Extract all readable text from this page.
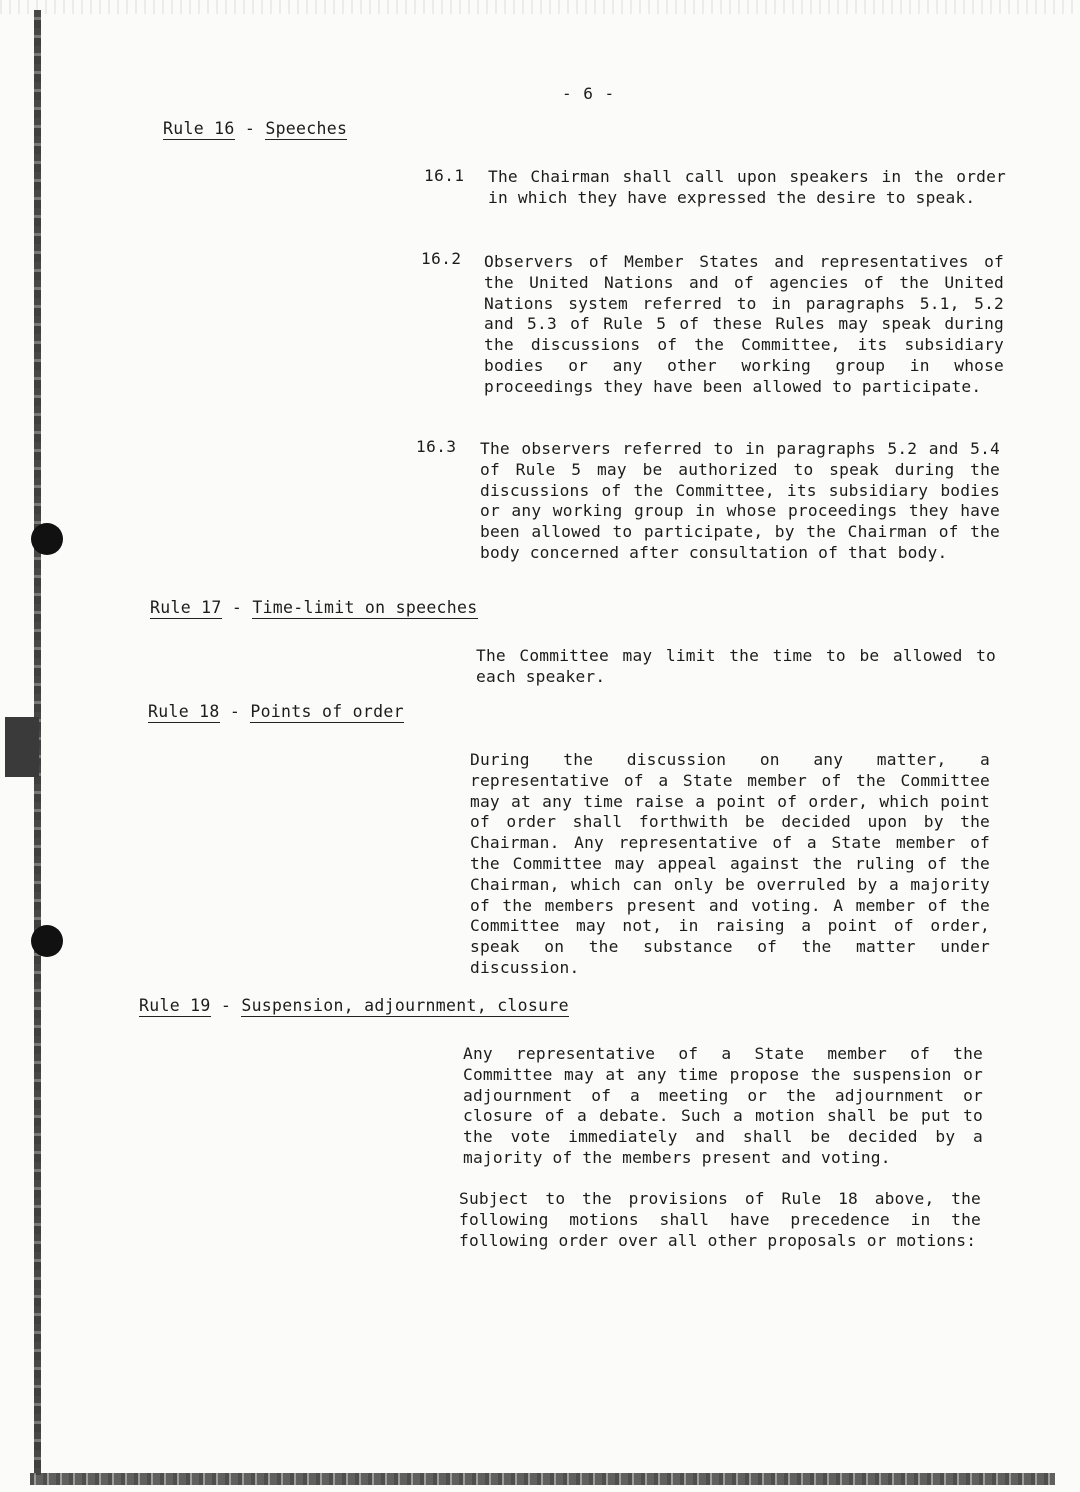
- 6 -
Rule 16 - Speeches
16.1 The Chairman shall call upon speakers in the order in which they have expressed the desire to speak.
16.2 Observers of Member States and representatives of the United Nations and of agencies of the United Nations system referred to in paragraphs 5.1, 5.2 and 5.3 of Rule 5 of these Rules may speak during the discussions of the Committee, its subsidiary bodies or any other working group in whose proceedings they have been allowed to participate.
16.3 The observers referred to in paragraphs 5.2 and 5.4 of Rule 5 may be authorized to speak during the discussions of the Committee, its subsidiary bodies or any working group in whose proceedings they have been allowed to participate, by the Chairman of the body concerned after consultation of that body.
Rule 17 - Time-limit on speeches
The Committee may limit the time to be allowed to each speaker.
Rule 18 - Points of order
During the discussion on any matter, a representative of a State member of the Committee may at any time raise a point of order, which point of order shall forthwith be decided upon by the Chairman. Any representative of a State member of the Committee may appeal against the ruling of the Chairman, which can only be overruled by a majority of the members present and voting. A member of the Committee may not, in raising a point of order, speak on the substance of the matter under discussion.
Rule 19 - Suspension, adjournment, closure
Any representative of a State member of the Committee may at any time propose the suspension or adjournment of a meeting or the adjournment or closure of a debate. Such a motion shall be put to the vote immediately and shall be decided by a majority of the members present and voting.
Subject to the provisions of Rule 18 above, the following motions shall have precedence in the following order over all other proposals or motions:
